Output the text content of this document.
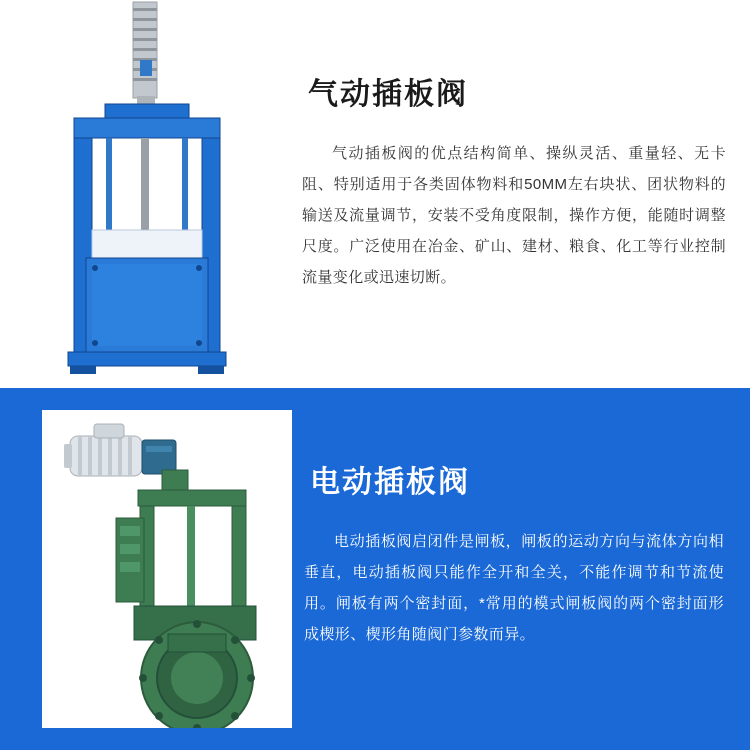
气动插板阀

气动插板阀的优点结构简单、操纵灵活、重量轻、无卡阻、特别适用于各类固体物料和50MM左右块状、团状物料的输送及流量调节，安装不受角度限制，操作方便，能随时调整尺度。广泛使用在冶金、矿山、建材、粮食、化工等行业控制流量变化或迅速切断。

电动插板阀

电动插板阀启闭件是闸板，闸板的运动方向与流体方向相垂直，电动插板阀只能作全开和全关，不能作调节和节流使用。闸板有两个密封面，*常用的模式闸板阀的两个密封面形成楔形、楔形角随阀门参数而异。
